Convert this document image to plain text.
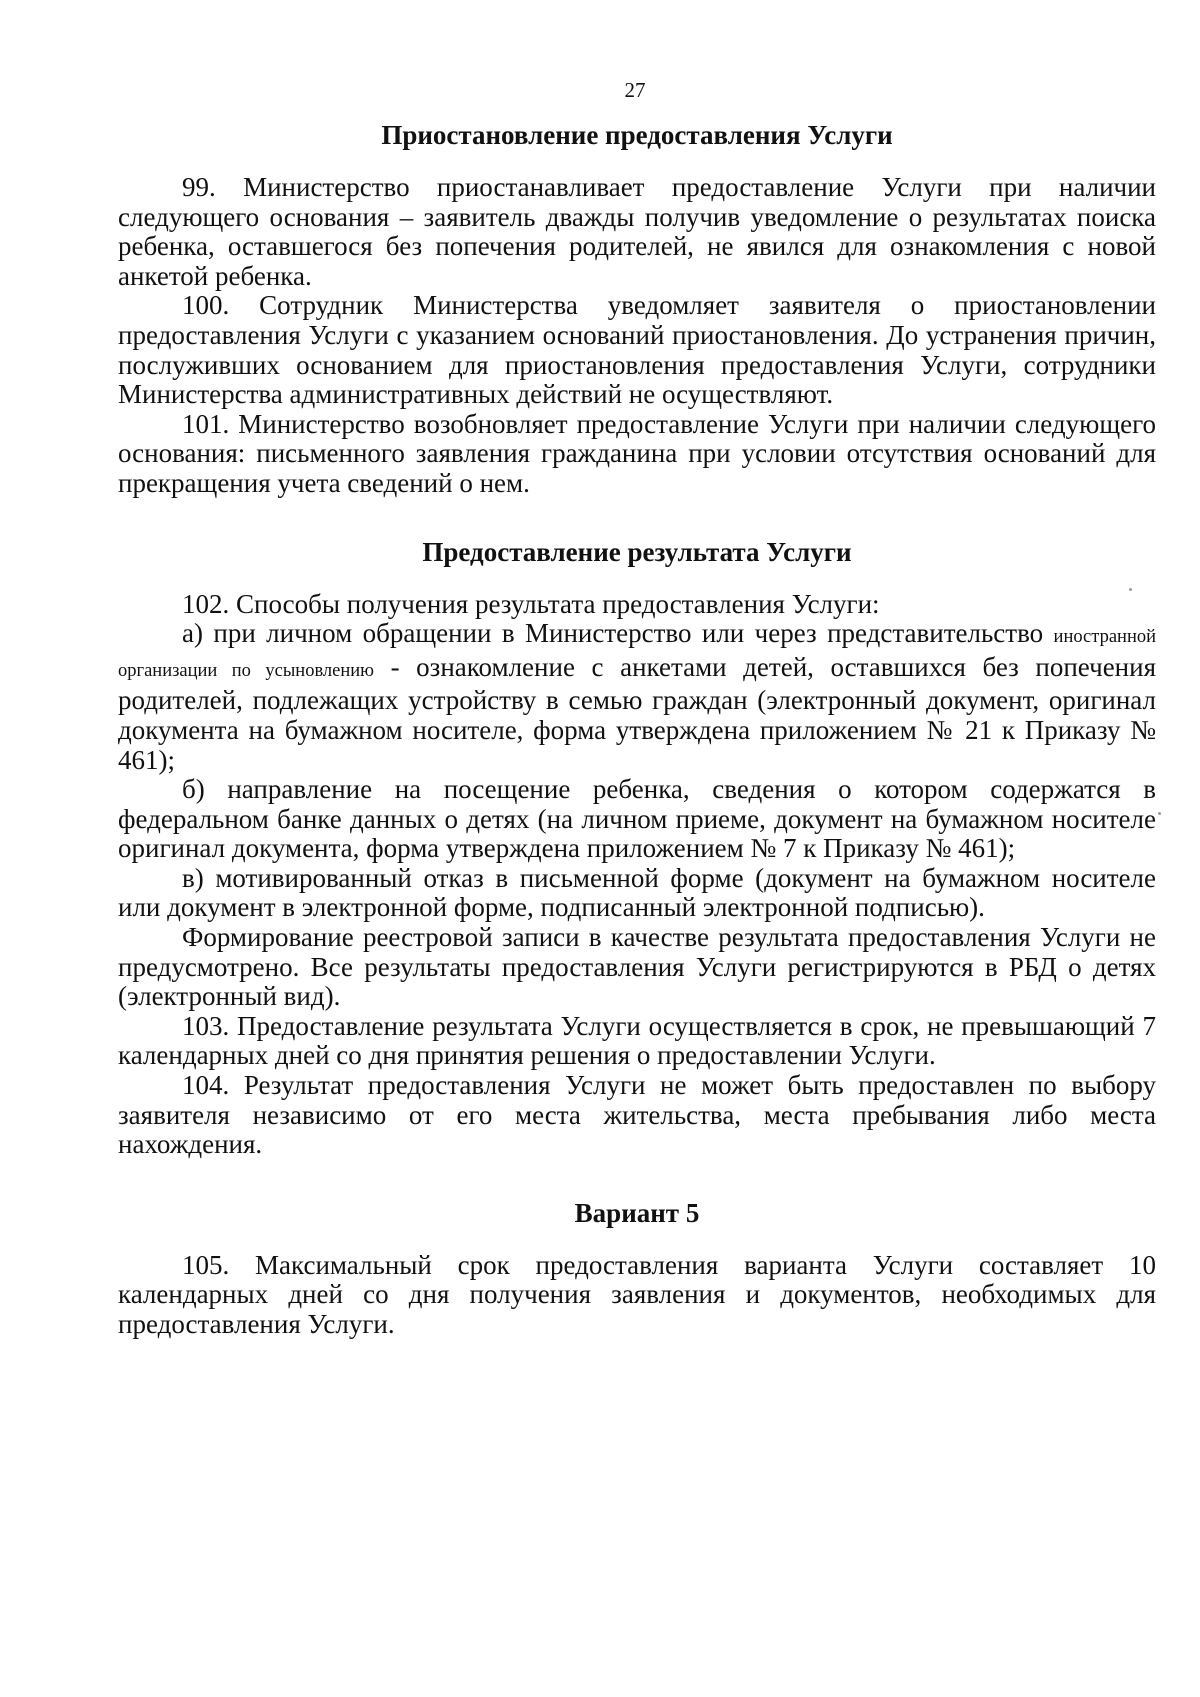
27
Приостановление предоставления Услуги

99. Министерство приостанавливает предоставление Услуги при наличии следующего основания – заявитель дважды получив уведомление о результатах поиска ребенка, оставшегося без попечения родителей, не явился для ознакомления с новой анкетой ребенка.

100. Сотрудник Министерства уведомляет заявителя о приостановлении предоставления Услуги с указанием оснований приостановления. До устранения причин, послуживших основанием для приостановления предоставления Услуги, сотрудники Министерства административных действий не осуществляют.

101. Министерство возобновляет предоставление Услуги при наличии следующего основания: письменного заявления гражданина при условии отсутствия оснований для прекращения учета сведений о нем.

Предоставление результата Услуги

102. Способы получения результата предоставления Услуги:

а) при личном обращении в Министерство или через представительство иностранной организации по усыновлению - ознакомление с анкетами детей, оставшихся без попечения родителей, подлежащих устройству в семью граждан (электронный документ, оригинал документа на бумажном носителе, форма утверждена приложением № 21 к Приказу № 461);

б) направление на посещение ребенка, сведения о котором содержатся в федеральном банке данных о детях (на личном приеме, документ на бумажном носителе оригинал документа, форма утверждена приложением № 7 к Приказу № 461);

в) мотивированный отказ в письменной форме (документ на бумажном носителе или документ в электронной форме, подписанный электронной подписью).

Формирование реестровой записи в качестве результата предоставления Услуги не предусмотрено. Все результаты предоставления Услуги регистрируются в РБД о детях (электронный вид).

103. Предоставление результата Услуги осуществляется в срок, не превышающий 7 календарных дней со дня принятия решения о предоставлении Услуги.

104. Результат предоставления Услуги не может быть предоставлен по выбору заявителя независимо от его места жительства, места пребывания либо места нахождения.

Вариант 5

105. Максимальный срок предоставления варианта Услуги составляет 10 календарных дней со дня получения заявления и документов, необходимых для предоставления Услуги.
